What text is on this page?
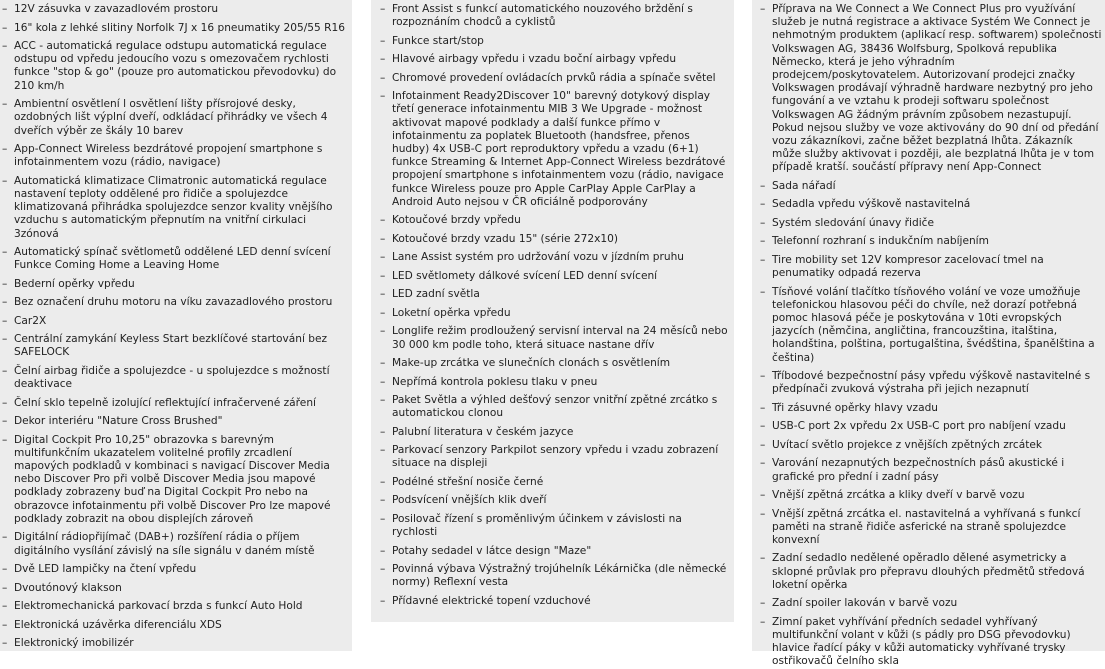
– 12V zásuvka v zavazadlovém prostoru
– 16" kola z lehké slitiny Norfolk 7J x 16 pneumatiky 205/55 R16
– ACC - automatická regulace odstupu automatická regulace odstupu od vpředu jedoucího vozu s omezovačem rychlosti funkce "stop & go" (pouze pro automatickou převodovku) do 210 km/h
– Ambientní osvětlení l osvětlení lišty přísrojové desky, ozdobných lišt výplní dveří, odkládací přihrádky ve všech 4 dveřích výběr ze škály 10 barev
– App-Connect Wireless bezdrátové propojení smartphone s infotainmentem vozu (rádio, navigace)
– Automatická klimatizace Climatronic automatická regulace nastavení teploty oddělené pro řidiče a spolujezdce klimatizovaná přihrádka spolujezdce senzor kvality vnějšího vzduchu s automatickým přepnutím na vnitřní cirkulaci 3zónová
– Automatický spínač světlometů oddělené LED denní svícení Funkce Coming Home a Leaving Home
– Bederní opěrky vpředu
– Bez označení druhu motoru na víku zavazadlového prostoru
– Car2X
– Centrální zamykání Keyless Start bezklíčové startování bez SAFELOCK
– Čelní airbag řidiče a spolujezdce - u spolujezdce s možností deaktivace
– Čelní sklo tepelně izolující reflektující infračervené záření
– Dekor interiéru "Nature Cross Brushed"
– Digital Cockpit Pro 10,25" obrazovka s barevným multifunkčním ukazatelem volitelné profily zrcadlení mapových podkladů v kombinaci s navigací Discover Media nebo Discover Pro při volbě Discover Media jsou mapové podklady zobrazeny buď na Digital Cockpit Pro nebo na obrazovce infotainmentu při volbě Discover Pro lze mapové podklady zobrazit na obou displejích zároveň
– Digitální rádiopřijímač (DAB+) rozšíření rádia o příjem digitálního vysílání závislý na síle signálu v daném místě
– Dvě LED lampičky na čtení vpředu
– Dvoutónový klakson
– Elektromechanická parkovací brzda s funkcí Auto Hold
– Elektronická uzávěrka diferenciálu XDS
– Elektronický imobilizér
– Front Assist s funkcí automatického nouzového brždění s rozpoznáním chodců a cyklistů
– Funkce start/stop
– Hlavové airbagy vpředu i vzadu boční airbagy vpředu
– Chromové provedení ovládacích prvků rádia a spínače světel
– Infotainment Ready2Discover 10" barevný dotykový display třetí generace infotainmentu MIB 3 We Upgrade - možnost aktivovat mapové podklady a další funkce přímo v infotainmentu za poplatek Bluetooth (handsfree, přenos hudby) 4x USB-C port reproduktory vpředu a vzadu (6+1) funkce Streaming & Internet App-Connect Wireless bezdrátové propojení smartphone s infotainmentem vozu (rádio, navigace funkce Wireless pouze pro Apple CarPlay Apple CarPlay a Android Auto nejsou v ČR oficiálně podporovány
– Kotoučové brzdy vpředu
– Kotoučové brzdy vzadu 15" (série 272x10)
– Lane Assist systém pro udržování vozu v jízdním pruhu
– LED světlomety dálkové svícení LED denní svícení
– LED zadní světla
– Loketní opěrka vpředu
– Longlife režim prodloužený servisní interval na 24 měsíců nebo 30 000 km podle toho, která situace nastane dřív
– Make-up zrcátka ve slunečních clonách s osvětlením
– Nepřímá kontrola poklesu tlaku v pneu
– Paket Světla a výhled dešťový senzor vnitřní zpětné zrcátko s automatickou clonou
– Palubní literatura v českém jazyce
– Parkovací senzory Parkpilot senzory vpředu i vzadu zobrazení situace na displeji
– Podélné střešní nosiče černé
– Podsvícení vnějších klik dveří
– Posilovač řízení s proměnlivým účinkem v závislosti na rychlosti
– Potahy sedadel v látce design "Maze"
– Povinná výbava Výstražný trojúhelník Lékárnička (dle německé normy) Reflexní vesta
– Přídavné elektrické topení vzduchové
– Příprava na We Connect a We Connect Plus pro využívání služeb je nutná registrace a aktivace Systém We Connect je nehmotným produktem (aplikací resp. softwarem) společnosti Volkswagen AG, 38436 Wolfsburg, Spolková republika Německo, která je jeho výhradním prodejcem/poskytovatelem. Autorizovaní prodejci značky Volkswagen prodávají výhradně hardware nezbytný pro jeho fungování a ve vztahu k prodeji softwaru společnost Volkswagen AG žádným právním způsobem nezastupují. Pokud nejsou služby ve voze aktivovány do 90 dní od předání vozu zákazníkovi, začne běžet bezplatná lhůta. Zákazník může služby aktivovat i později, ale bezplatná lhůta je v tom případě kratší. součástí přípravy není App-Connect
– Sada nářadí
– Sedadla vpředu výškově nastavitelná
– Systém sledování únavy řidiče
– Telefonní rozhraní s indukčním nabíjením
– Tire mobility set 12V kompresor zacelovací tmel na penumatiky odpadá rezerva
– Tísňové volání tlačítko tísňového volání ve voze umožňuje telefonickou hlasovou péči do chvíle, než dorazí potřebná pomoc hlasová péče je poskytována v 10ti evropských jazycích (němčina, angličtina, francouzština, italština, holandština, polština, portugalština, švédština, španělština a čeština)
– Tříbodové bezpečnostní pásy vpředu výškově nastavitelné s předpínači zvuková výstraha při jejich nezapnutí
– Tři zásuvné opěrky hlavy vzadu
– USB-C port 2x vpředu 2x USB-C port pro nabíjení vzadu
– Uvítací světlo projekce z vnějších zpětných zrcátek
– Varování nezapnutých bezpečnostních pásů akustické i grafické pro přední i zadní pásy
– Vnější zpětná zrcátka a kliky dveří v barvě vozu
– Vnější zpětná zrcátka el. nastavitelná a vyhřívaná s funkcí paměti na straně řidiče asferické na straně spolujezdce konvexní
– Zadní sedadlo nedělené opěradlo dělené asymetricky a sklopné průvlak pro přepravu dlouhých předmětů středová loketní opěrka
– Zadní spoiler lakován v barvě vozu
– Zimní paket vyhřívání předních sedadel vyhřívaný multifunkční volant v kůži (s pádly pro DSG převodovku) hlavice řadící páky v kůži automaticky vyhřívané trysky ostřikovačů čelního skla
